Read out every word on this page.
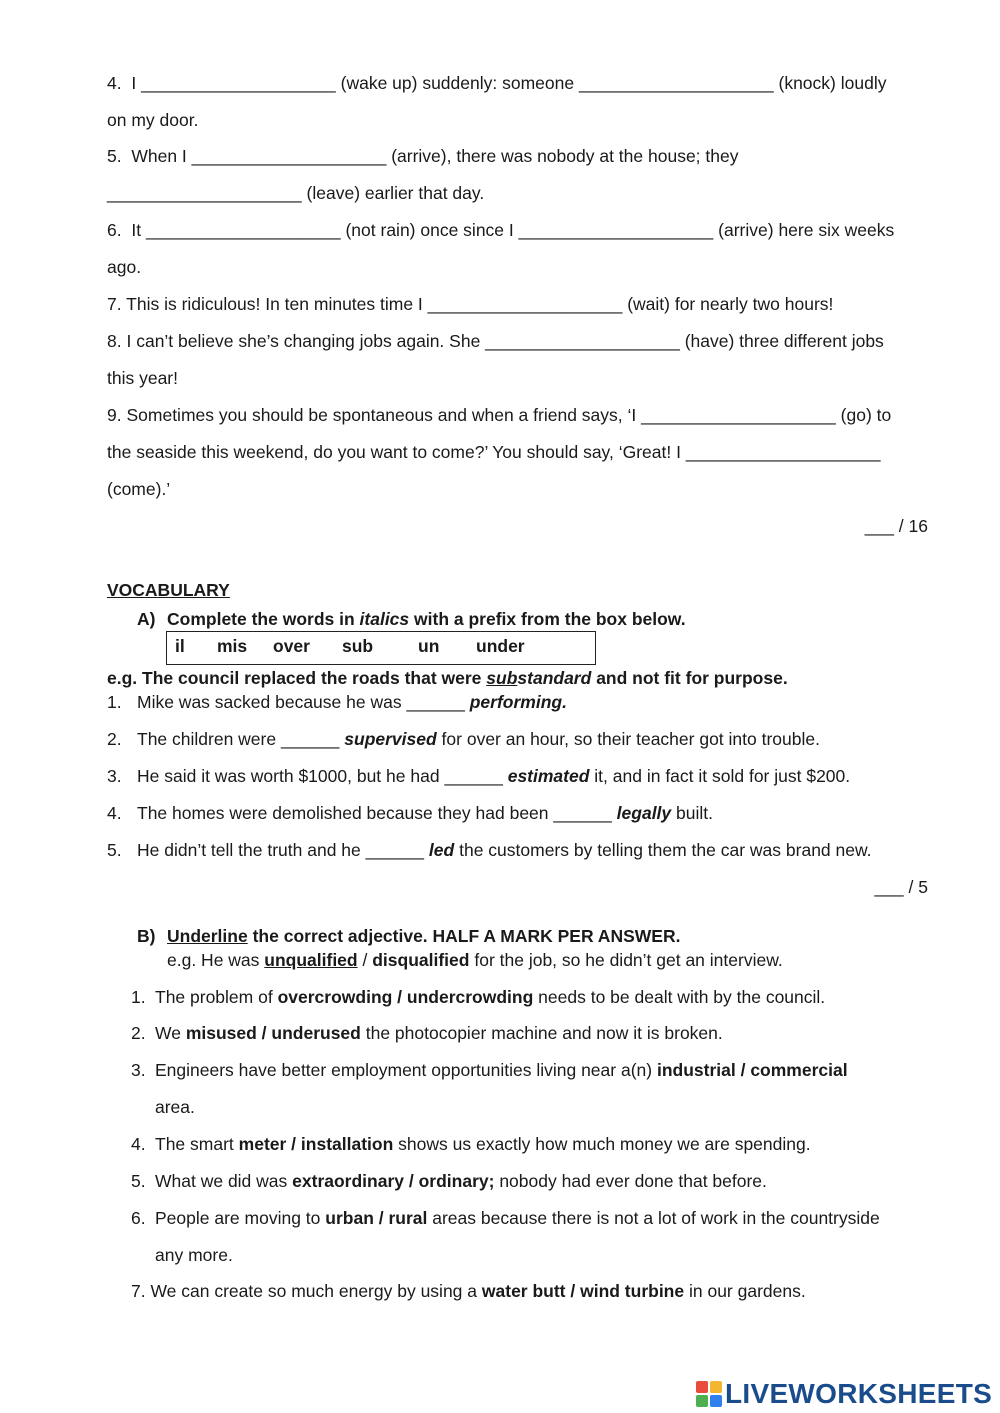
4. I ____________________ (wake up) suddenly: someone ____________________ (knock) loudly
on my door.
5. When I ____________________ (arrive), there was nobody at the house; they
____________________ (leave) earlier that day.
6. It ____________________ (not rain) once since I ____________________ (arrive) here six weeks
ago.
7. This is ridiculous! In ten minutes time I ____________________ (wait) for nearly two hours!
8. I can’t believe she’s changing jobs again. She ____________________ (have) three different jobs
this year!
9. Sometimes you should be spontaneous and when a friend says, ‘I ____________________ (go) to
the seaside this weekend, do you want to come?’ You should say, ‘Great! I ____________________
(come).’
___ / 16
VOCABULARY
A) Complete the words in italics with a prefix from the box below.
il mis over sub	un under
e.g. The council replaced the roads that were substandard and not fit for purpose.
1. Mike was sacked because he was ______ performing.
2. The children were ______ supervised for over an hour, so their teacher got into trouble.
3. He said it was worth $1000, but he had ______ estimated it, and in fact it sold for just $200.
4. The homes were demolished because they had been ______ legally built.
5. He didn’t tell the truth and he ______ led the customers by telling them the car was brand new.
___ / 5
B) Underline the correct adjective. HALF A MARK PER ANSWER.
e.g. He was unqualified / disqualified for the job, so he didn’t get an interview.
1. The problem of overcrowding / undercrowding needs to be dealt with by the council.
2. We misused / underused the photocopier machine and now it is broken.
3. Engineers have better employment opportunities living near a(n) industrial / commercial
area.
4. The smart meter / installation shows us exactly how much money we are spending.
5. What we did was extraordinary / ordinary; nobody had ever done that before.
6. People are moving to urban / rural areas because there is not a lot of work in the countryside
any more.
7. We can create so much energy by using a water butt / wind turbine in our gardens.
LIVEWORKSHEETS
